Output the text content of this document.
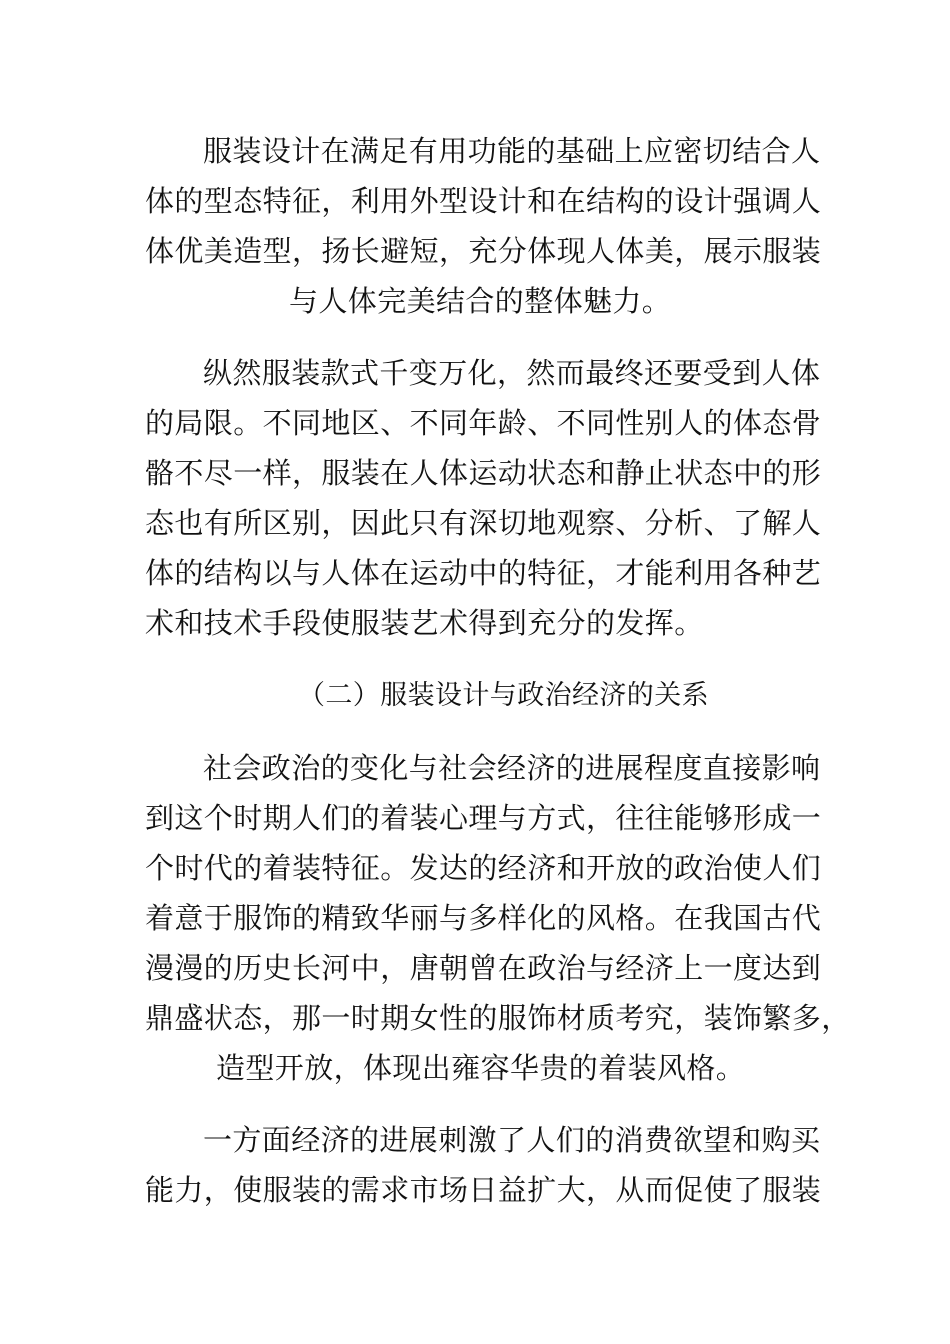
服装设计在满足有用功能的基础上应密切结合人
体的型态特征，利用外型设计和在结构的设计强调人
体优美造型，扬长避短，充分体现人体美，展示服装
与人体完美结合的整体魅力。
纵然服装款式千变万化，然而最终还要受到人体
的局限。不同地区、不同年龄、不同性别人的体态骨
骼不尽一样，服装在人体运动状态和静止状态中的形
态也有所区别，因此只有深切地观察、分析、了解人
体的结构以与人体在运动中的特征，才能利用各种艺
术和技术手段使服装艺术得到充分的发挥。
（二）服装设计与政治经济的关系
社会政治的变化与社会经济的进展程度直接影响
到这个时期人们的着装心理与方式，往往能够形成一
个时代的着装特征。发达的经济和开放的政治使人们
着意于服饰的精致华丽与多样化的风格。在我国古代
漫漫的历史长河中，唐朝曾在政治与经济上一度达到
鼎盛状态，那一时期女性的服饰材质考究，装饰繁多，
造型开放，体现出雍容华贵的着装风格。
一方面经济的进展刺激了人们的消费欲望和购买
能力，使服装的需求市场日益扩大，从而促使了服装
